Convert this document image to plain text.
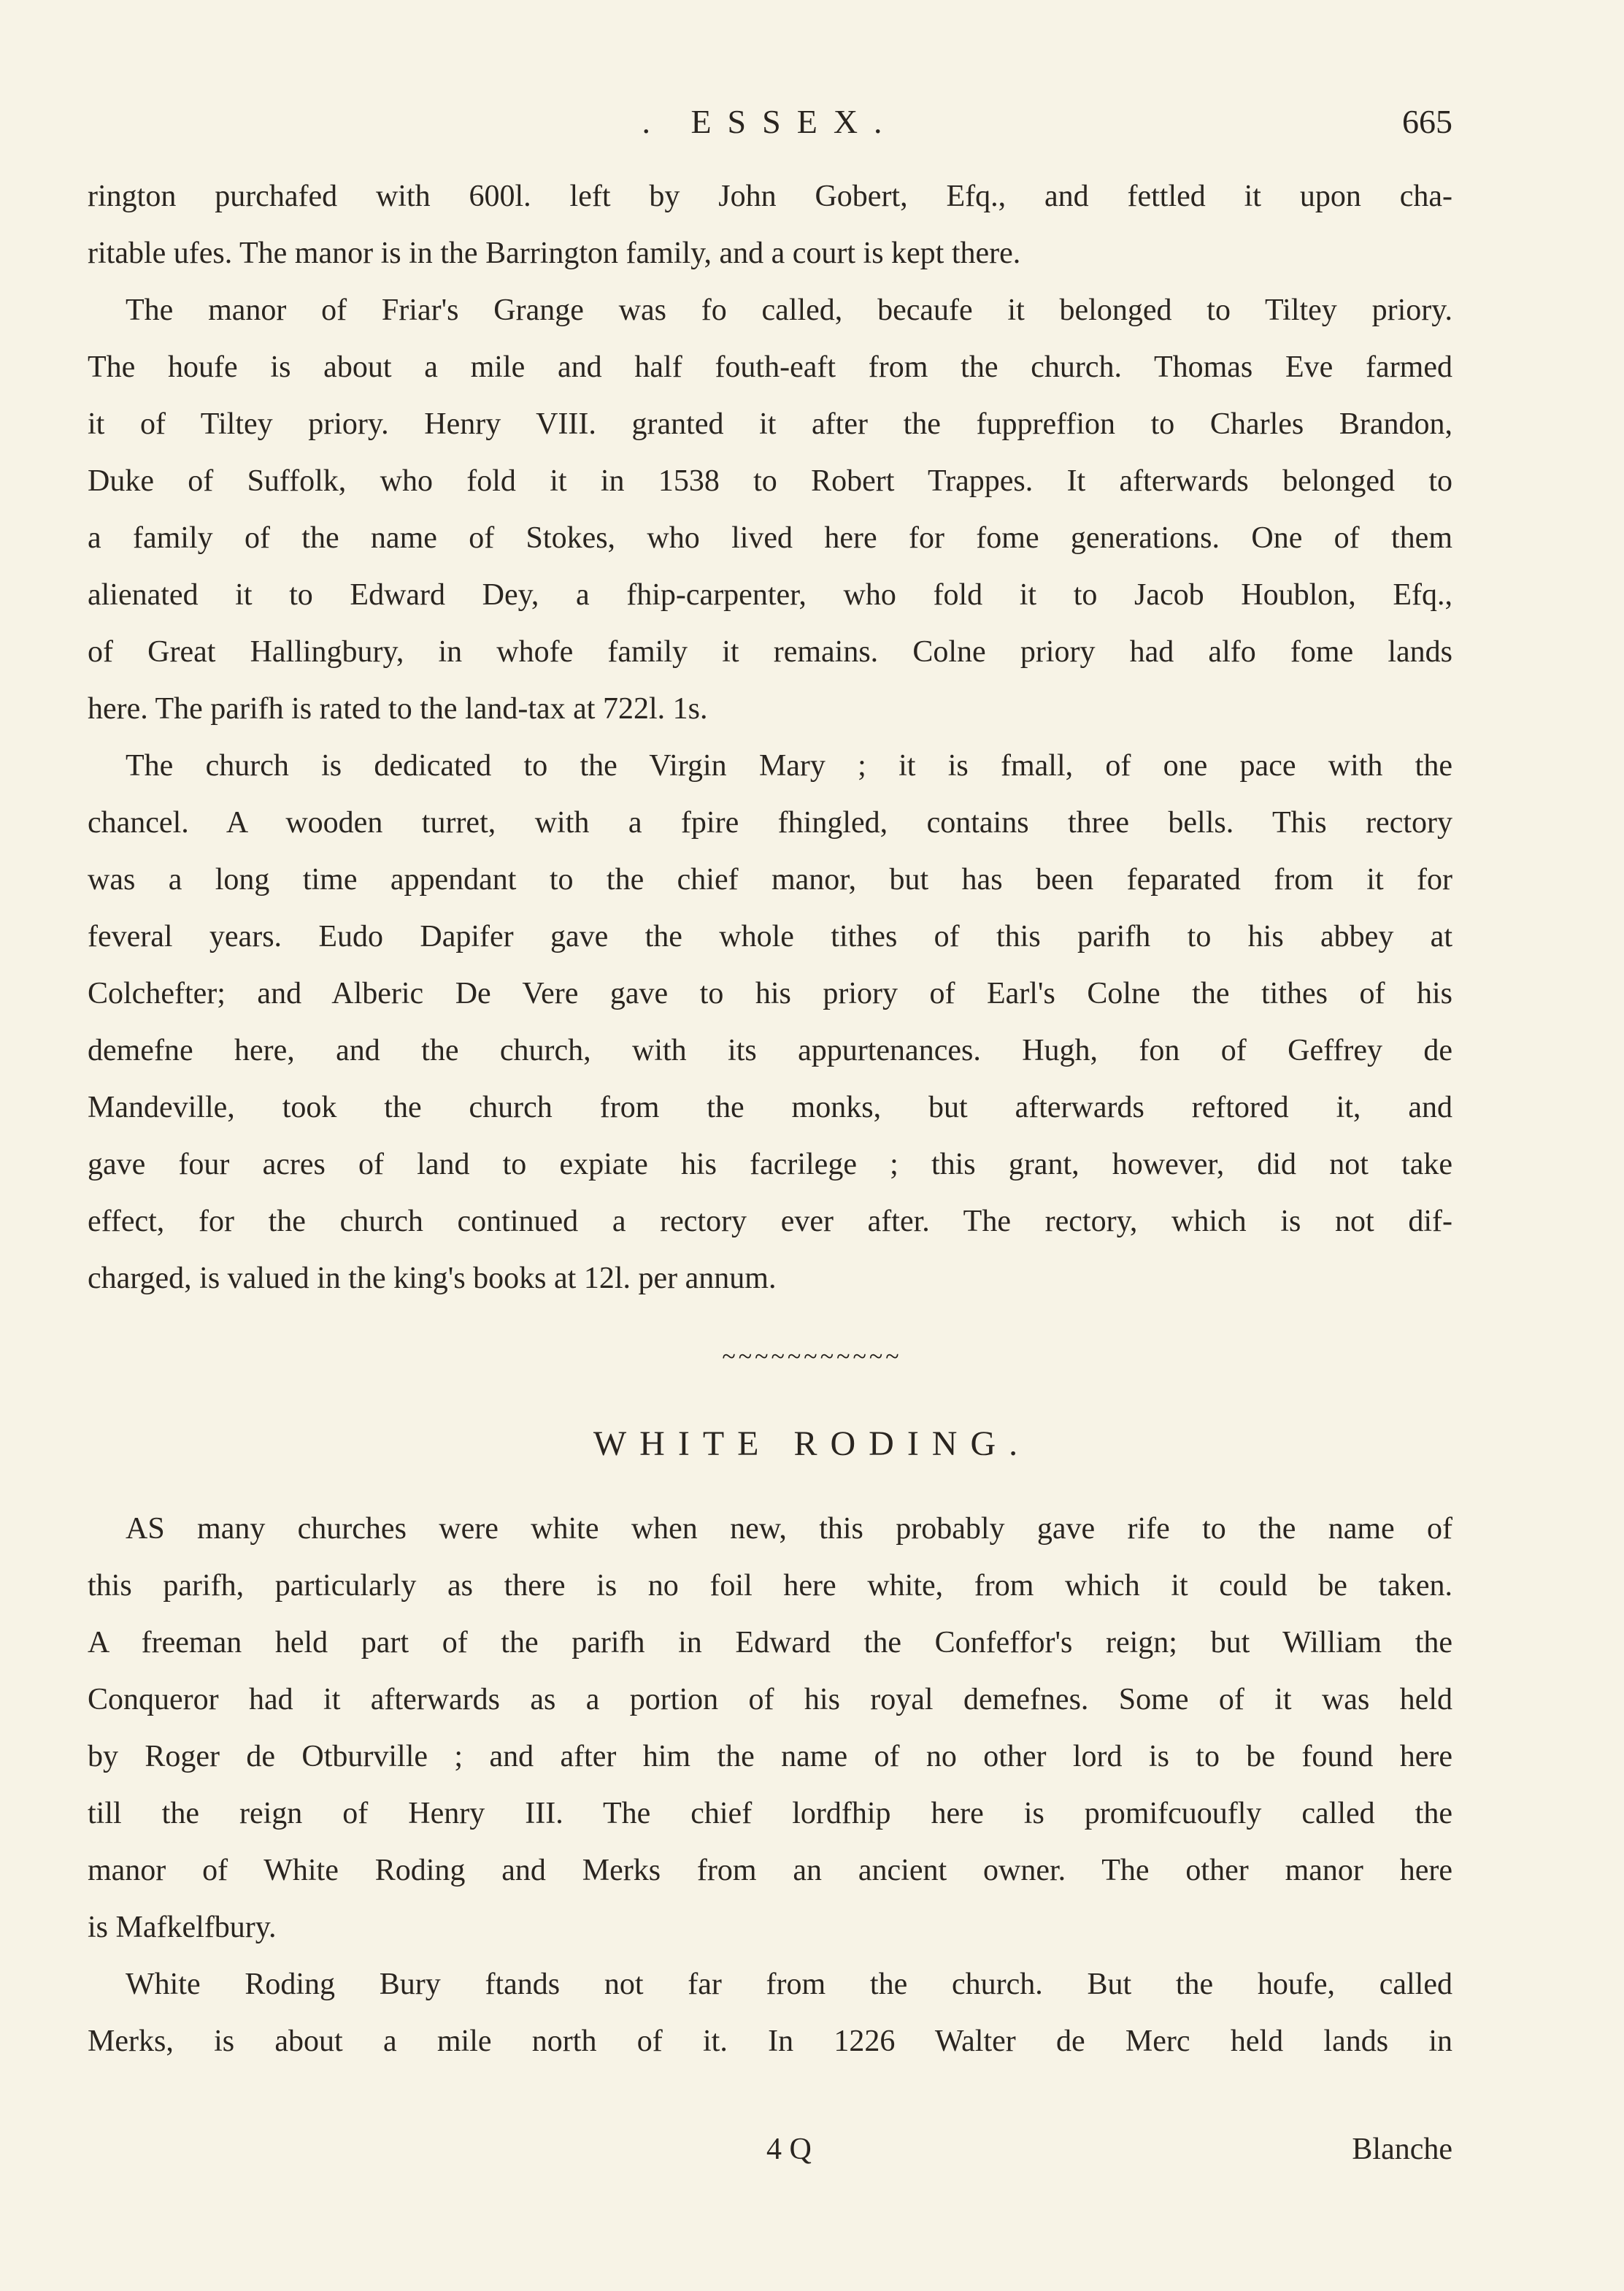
. ESSEX.	665
rington purchafed with 600l. left by John Gobert, Efq., and fettled it upon cha-
ritable ufes. The manor is in the Barrington family, and a court is kept there.
The manor of Friar's Grange was fo called, becaufe it belonged to Tiltey priory.
The houfe is about a mile and half fouth-eaft from the church. Thomas Eve farmed
it of Tiltey priory. Henry VIII. granted it after the fuppreffion to Charles Brandon,
Duke of Suffolk, who fold it in 1538 to Robert Trappes. It afterwards belonged to
a family of the name of Stokes, who lived here for fome generations. One of them
alienated it to Edward Dey, a fhip-carpenter, who fold it to Jacob Houblon, Efq.,
of Great Hallingbury, in whofe family it remains. Colne priory had alfo fome lands
here. The parifh is rated to the land-tax at 722l. 1s.
The church is dedicated to the Virgin Mary ; it is fmall, of one pace with the
chancel. A wooden turret, with a fpire fhingled, contains three bells. This rectory
was a long time appendant to the chief manor, but has been feparated from it for
feveral years. Eudo Dapifer gave the whole tithes of this parifh to his abbey at
Colchefter; and Alberic De Vere gave to his priory of Earl's Colne the tithes of his
demefne here, and the church, with its appurtenances. Hugh, fon of Geffrey de
Mandeville, took the church from the monks, but afterwards reftored it, and
gave four acres of land to expiate his facrilege ; this grant, however, did not take
effect, for the church continued a rectory ever after. The rectory, which is not dif-
charged, is valued in the king's books at 12l. per annum.
~~~~~~~~~~~
WHITE RODING.
AS many churches were white when new, this probably gave rife to the name of
this parifh, particularly as there is no foil here white, from which it could be taken.
A freeman held part of the parifh in Edward the Confeffor's reign; but William the
Conqueror had it afterwards as a portion of his royal demefnes. Some of it was held
by Roger de Otburville ; and after him the name of no other lord is to be found here
till the reign of Henry III. The chief lordfhip here is promifcuoufly called the
manor of White Roding and Merks from an ancient owner. The other manor here
is Mafkelfbury.
White Roding Bury ftands not far from the church. But the houfe, called
Merks, is about a mile north of it. In 1226 Walter de Merc held lands in
4 Q	Blanche
